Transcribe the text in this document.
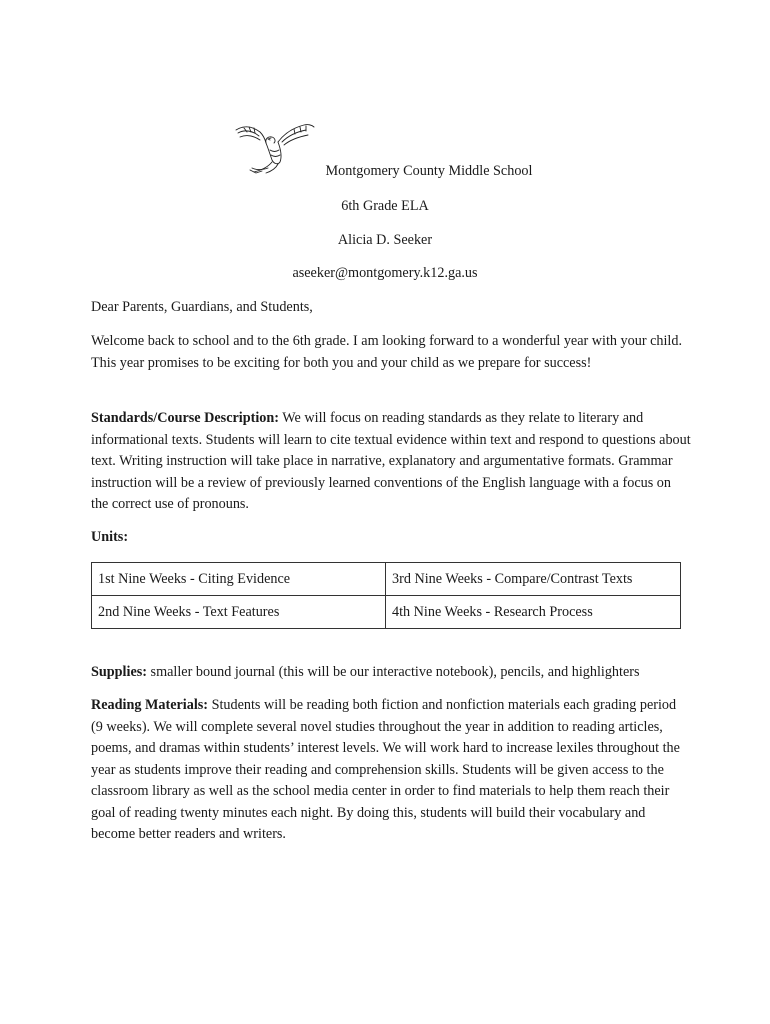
Montgomery County Middle School
6th Grade ELA
Alicia D. Seeker
aseeker@montgomery.k12.ga.us

Dear Parents, Guardians, and Students,

Welcome back to school and to the 6th grade. I am looking forward to a wonderful year with your child. This year promises to be exciting for both you and your child as we prepare for success!

Standards/Course Description: We will focus on reading standards as they relate to literary and informational texts. Students will learn to cite textual evidence within text and respond to questions about text. Writing instruction will take place in narrative, explanatory and argumentative formats. Grammar instruction will be a review of previously learned conventions of the English language with a focus on the correct use of pronouns.

Units:

1st Nine Weeks - Citing Evidence	3rd Nine Weeks - Compare/Contrast Texts
2nd Nine Weeks - Text Features	4th Nine Weeks - Research Process

Supplies: smaller bound journal (this will be our interactive notebook), pencils, and highlighters

Reading Materials: Students will be reading both fiction and nonfiction materials each grading period (9 weeks). We will complete several novel studies throughout the year in addition to reading articles, poems, and dramas within students’ interest levels. We will work hard to increase lexiles throughout the year as students improve their reading and comprehension skills. Students will be given access to the classroom library as well as the school media center in order to find materials to help them reach their goal of reading twenty minutes each night. By doing this, students will build their vocabulary and become better readers and writers.
